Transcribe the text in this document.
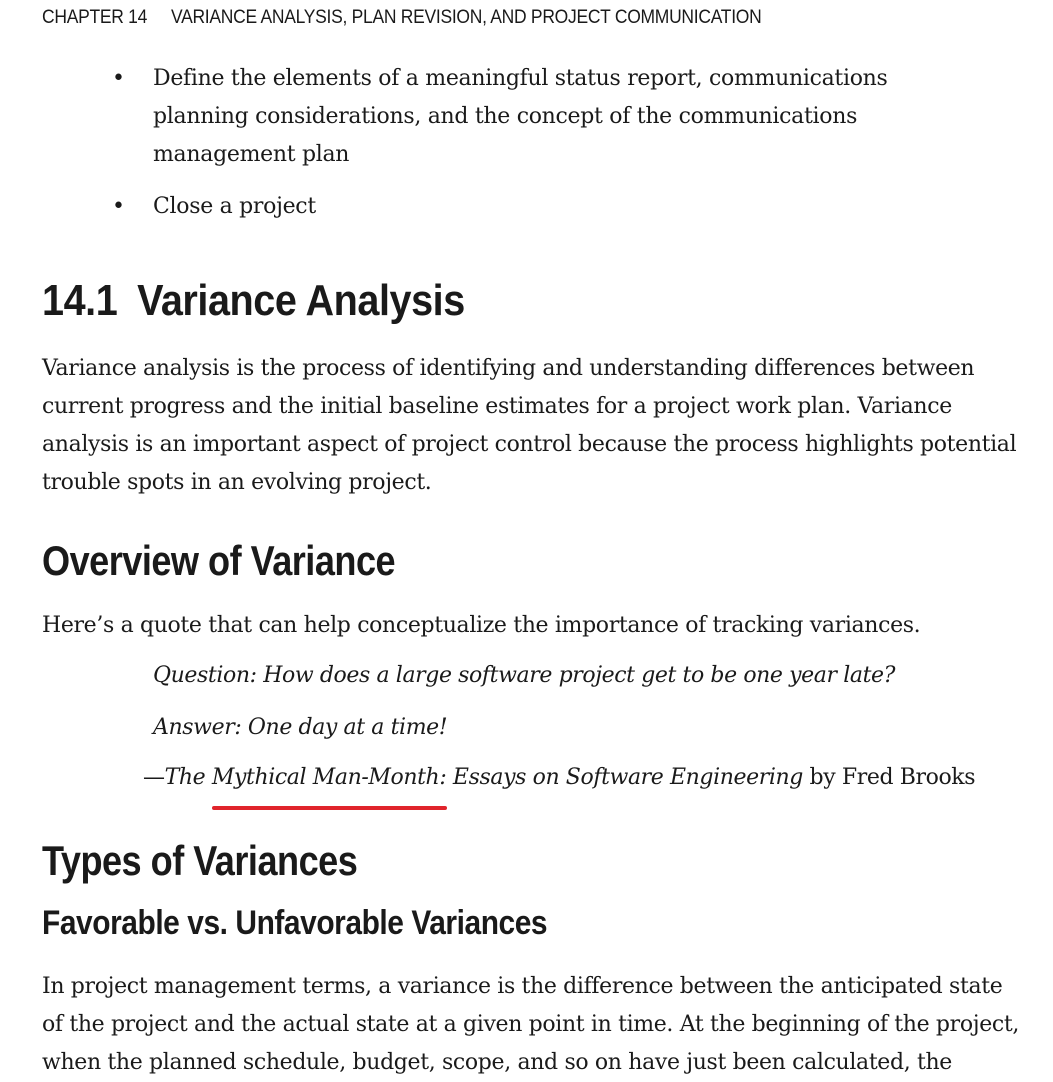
CHAPTER 14 VARIANCE ANALYSIS, PLAN REVISION, AND PROJECT COMMUNICATION
• Define the elements of a meaningful status report, communications planning considerations, and the concept of the communications management plan
• Close a project
14.1 Variance Analysis

Variance analysis is the process of identifying and understanding differences between current progress and the initial baseline estimates for a project work plan. Variance analysis is an important aspect of project control because the process highlights potential trouble spots in an evolving project.

Overview of Variance

Here’s a quote that can help conceptualize the importance of tracking variances.

Question: How does a large software project get to be one year late?

Answer: One day at a time!

—The Mythical Man-Month: Essays on Software Engineering by Fred Brooks

Types of Variances
Favorable vs. Unfavorable Variances

In project management terms, a variance is the difference between the anticipated state of the project and the actual state at a given point in time. At the beginning of the project, when the planned schedule, budget, scope, and so on have just been calculated, the
